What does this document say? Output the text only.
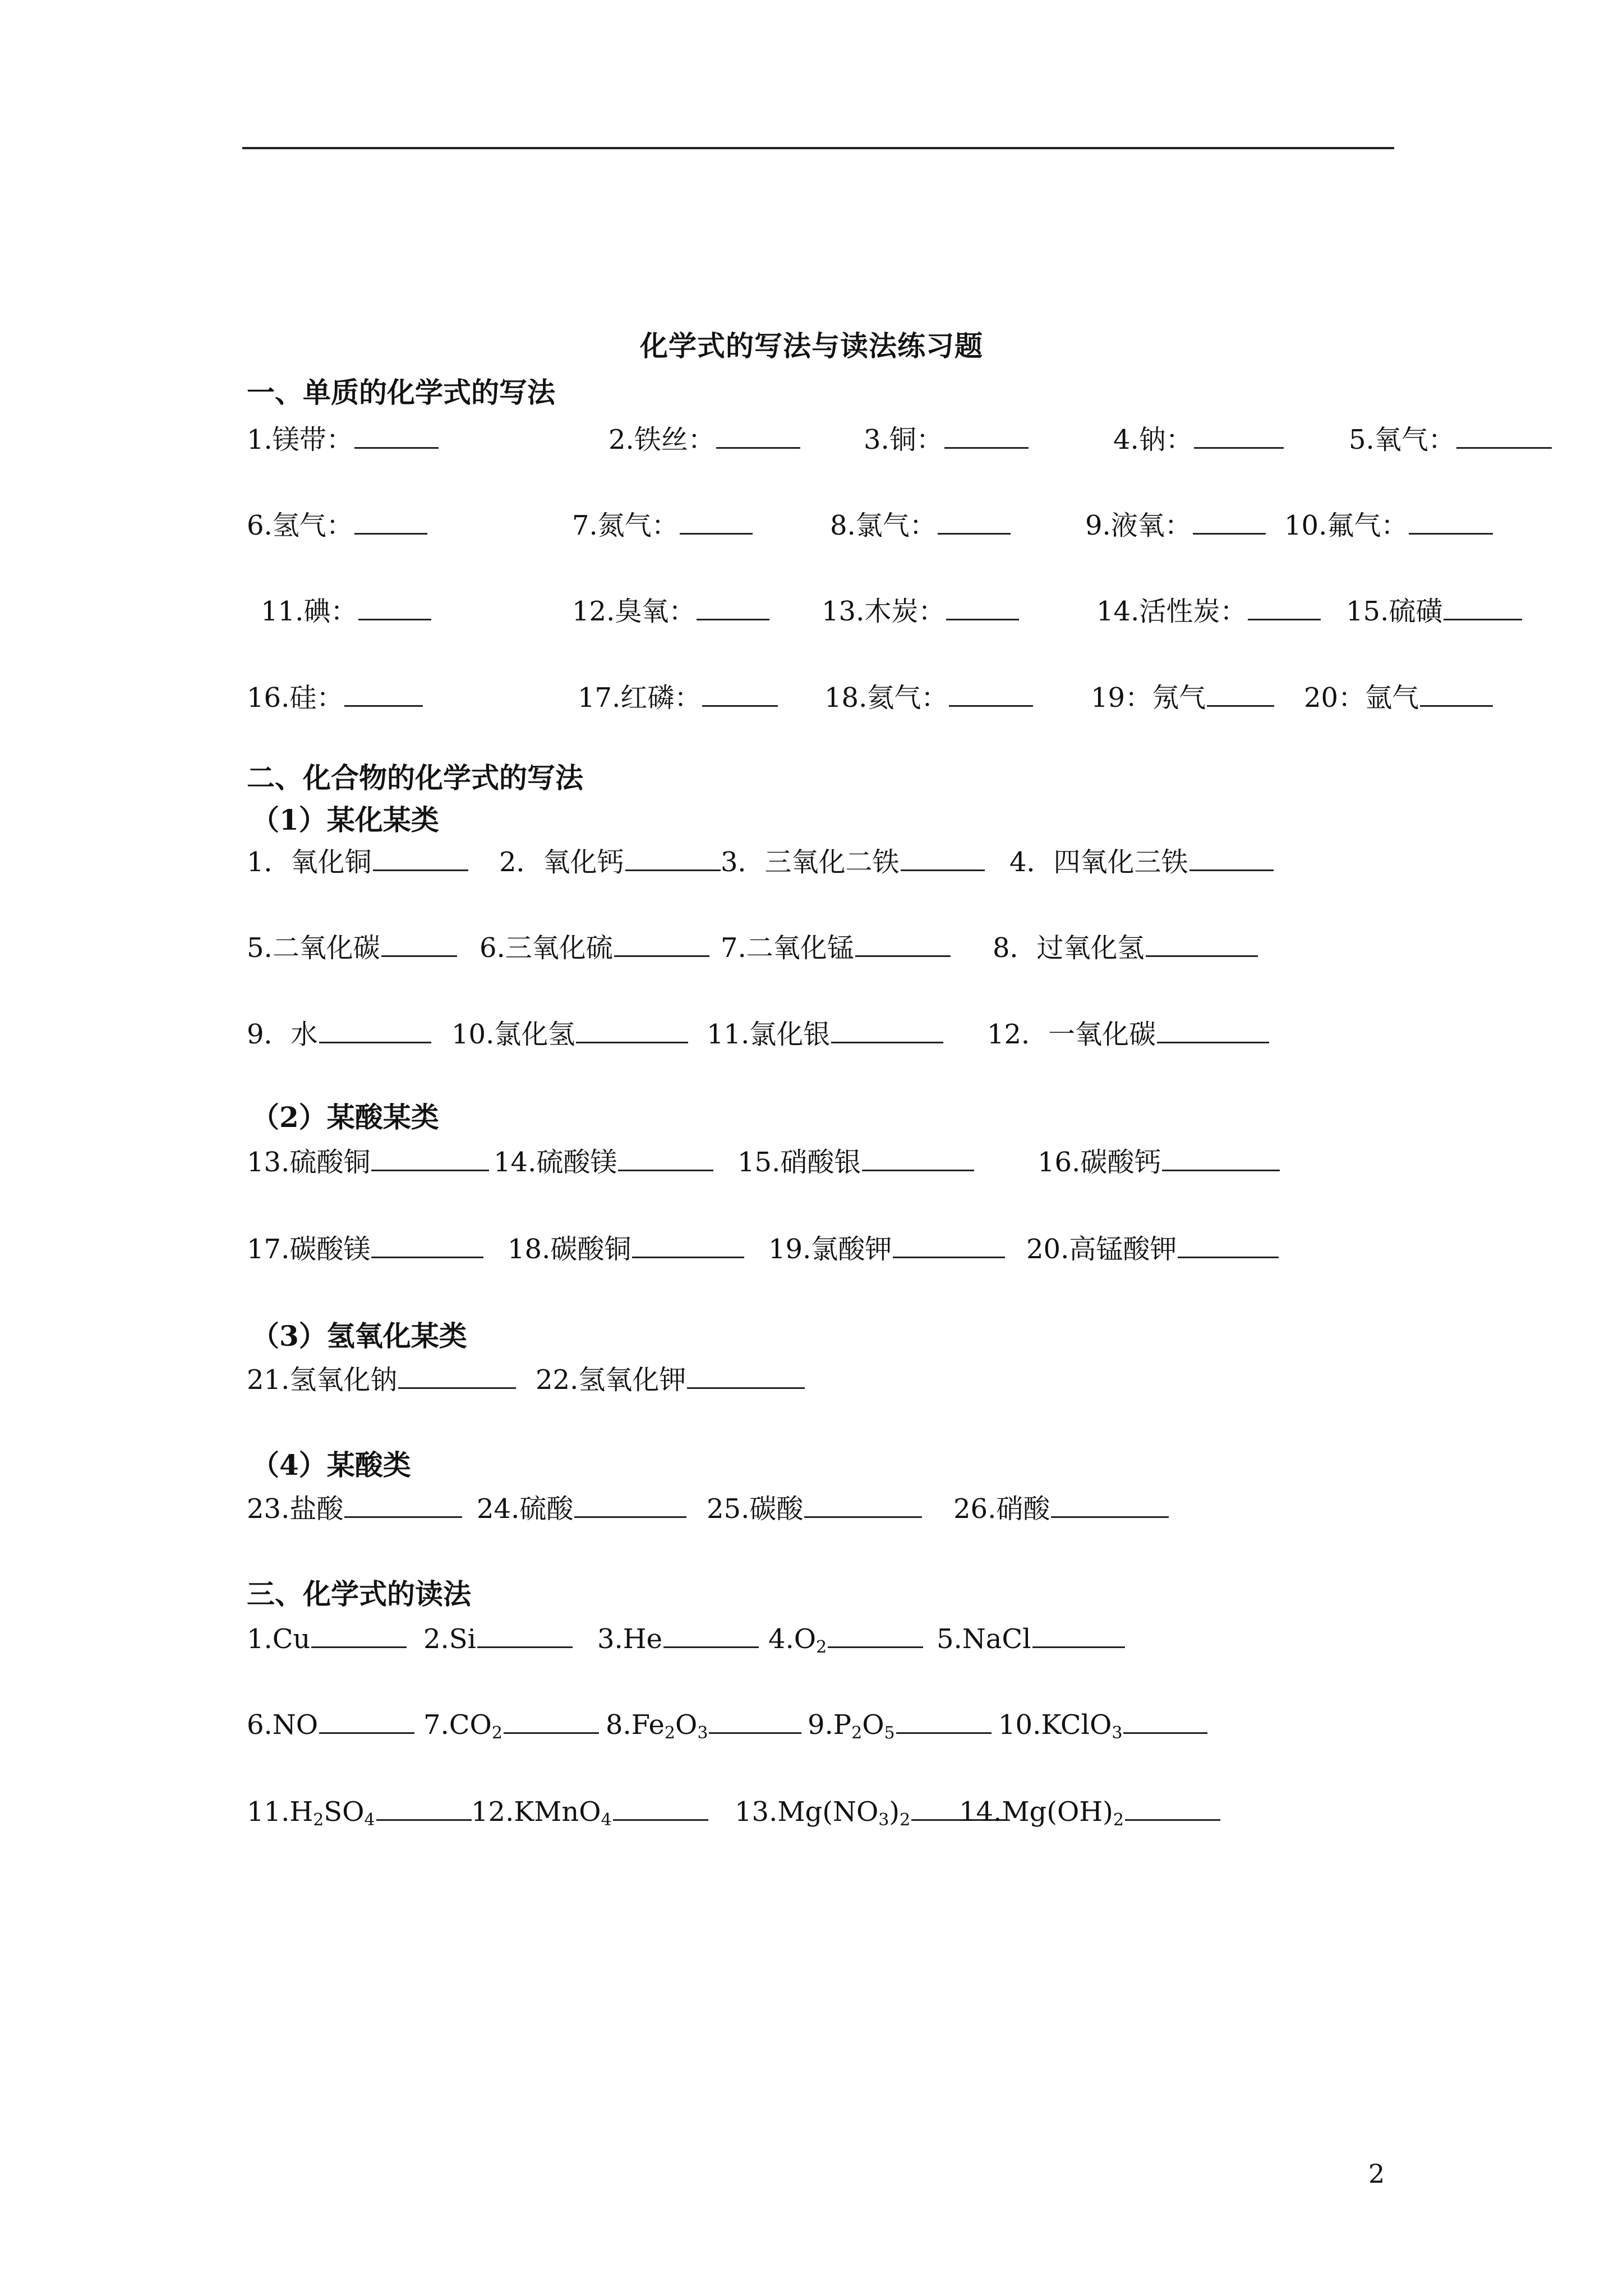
化学式的写法与读法练习题
一、单质的化学式的写法
1.镁带：	2.铁丝：	3.铜：	4.钠：	5.氧气：
6.氢气：	7.氮气：	8.氯气：	9.液氧：	10.氟气：
11.碘：	12.臭氧：	13.木炭：	14.活性炭：	15.硫磺
16.硅：	17.红磷：	18.氦气：	19：氖气	20：氩气
二、化合物的化学式的写法
（1）某化某类
1．氧化铜	2．氧化钙	3．三氧化二铁	4．四氧化三铁
5.二氧化碳	6.三氧化硫	7.二氧化锰	8．过氧化氢
9．水	10.氯化氢	11.氯化银	12．一氧化碳
（2）某酸某类
13.硫酸铜	14.硫酸镁	15.硝酸银	16.碳酸钙
17.碳酸镁	18.碳酸铜	19.氯酸钾	20.高锰酸钾
（3）氢氧化某类
21.氢氧化钠	22.氢氧化钾
（4）某酸类
23.盐酸	24.硫酸	25.碳酸	26.硝酸
三、化学式的读法
1.Cu	2.Si	3.He	$4.O_2$	5.NaCl
6.NO	$7.CO_2$	$8.Fe_2O_3$	$9.P_2O_5$	10.KClO$_3$
$11.H_2SO_4$	12.KMnO$_4$	$13.Mg(NO_3)_2$	$14.Mg(OH)_2$
2
